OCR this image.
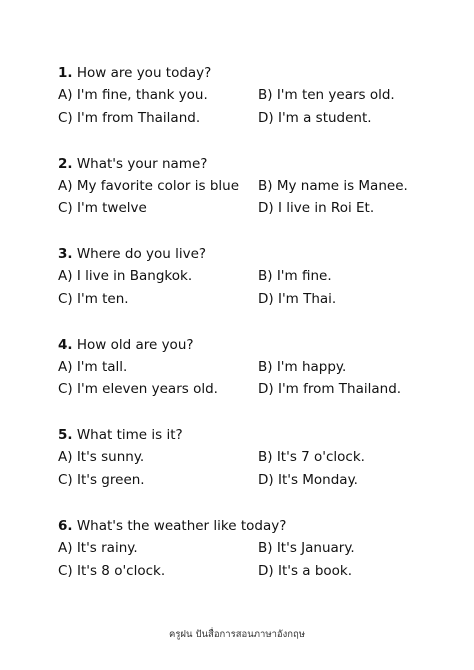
1. How are you today?
A) I'm fine, thank you.	B) I'm ten years old.
C) I'm from Thailand.	D) I'm a student.
2. What's your name?
A) My favorite color is blue	B) My name is Manee.
C) I'm twelve	D) I live in Roi Et.
3. Where do you live?
A) I live in Bangkok.	B) I'm fine.
C) I'm ten.	D) I'm Thai.
4. How old are you?
A) I'm tall.	B) I'm happy.
C) I'm eleven years old.	D) I'm from Thailand.
5. What time is it?
A) It's sunny.	B) It's 7 o'clock.
C) It's green.	D) It's Monday.
6. What's the weather like today?
A) It's rainy.	B) It's January.
C) It's 8 o'clock.	D) It's a book.
ครูฝน ปันสื่อการสอนภาษาอังกฤษ
